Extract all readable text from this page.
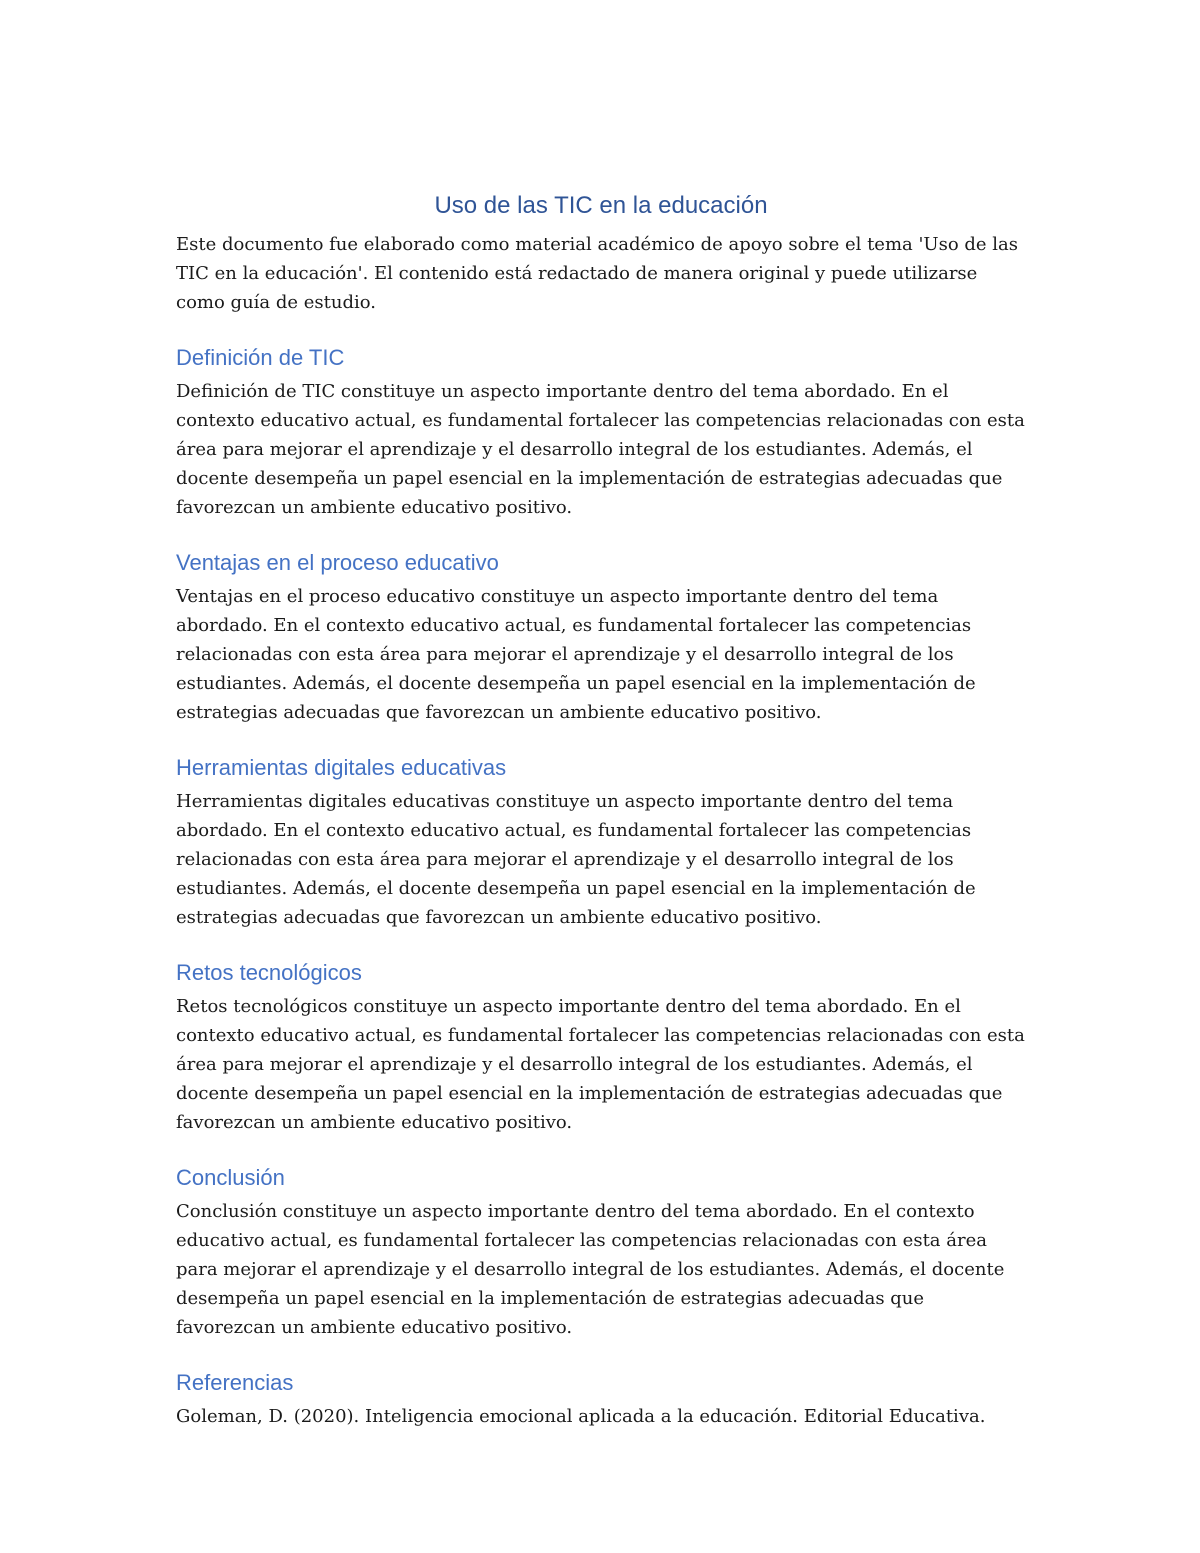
Uso de las TIC en la educación

Este documento fue elaborado como material académico de apoyo sobre el tema 'Uso de las TIC en la educación'. El contenido está redactado de manera original y puede utilizarse como guía de estudio.

Definición de TIC

Definición de TIC constituye un aspecto importante dentro del tema abordado. En el contexto educativo actual, es fundamental fortalecer las competencias relacionadas con esta área para mejorar el aprendizaje y el desarrollo integral de los estudiantes. Además, el docente desempeña un papel esencial en la implementación de estrategias adecuadas que favorezcan un ambiente educativo positivo.

Ventajas en el proceso educativo

Ventajas en el proceso educativo constituye un aspecto importante dentro del tema abordado. En el contexto educativo actual, es fundamental fortalecer las competencias relacionadas con esta área para mejorar el aprendizaje y el desarrollo integral de los estudiantes. Además, el docente desempeña un papel esencial en la implementación de estrategias adecuadas que favorezcan un ambiente educativo positivo.

Herramientas digitales educativas

Herramientas digitales educativas constituye un aspecto importante dentro del tema abordado. En el contexto educativo actual, es fundamental fortalecer las competencias relacionadas con esta área para mejorar el aprendizaje y el desarrollo integral de los estudiantes. Además, el docente desempeña un papel esencial en la implementación de estrategias adecuadas que favorezcan un ambiente educativo positivo.

Retos tecnológicos

Retos tecnológicos constituye un aspecto importante dentro del tema abordado. En el contexto educativo actual, es fundamental fortalecer las competencias relacionadas con esta área para mejorar el aprendizaje y el desarrollo integral de los estudiantes. Además, el docente desempeña un papel esencial en la implementación de estrategias adecuadas que favorezcan un ambiente educativo positivo.

Conclusión

Conclusión constituye un aspecto importante dentro del tema abordado. En el contexto educativo actual, es fundamental fortalecer las competencias relacionadas con esta área para mejorar el aprendizaje y el desarrollo integral de los estudiantes. Además, el docente desempeña un papel esencial en la implementación de estrategias adecuadas que favorezcan un ambiente educativo positivo.

Referencias

Goleman, D. (2020). Inteligencia emocional aplicada a la educación. Editorial Educativa.
